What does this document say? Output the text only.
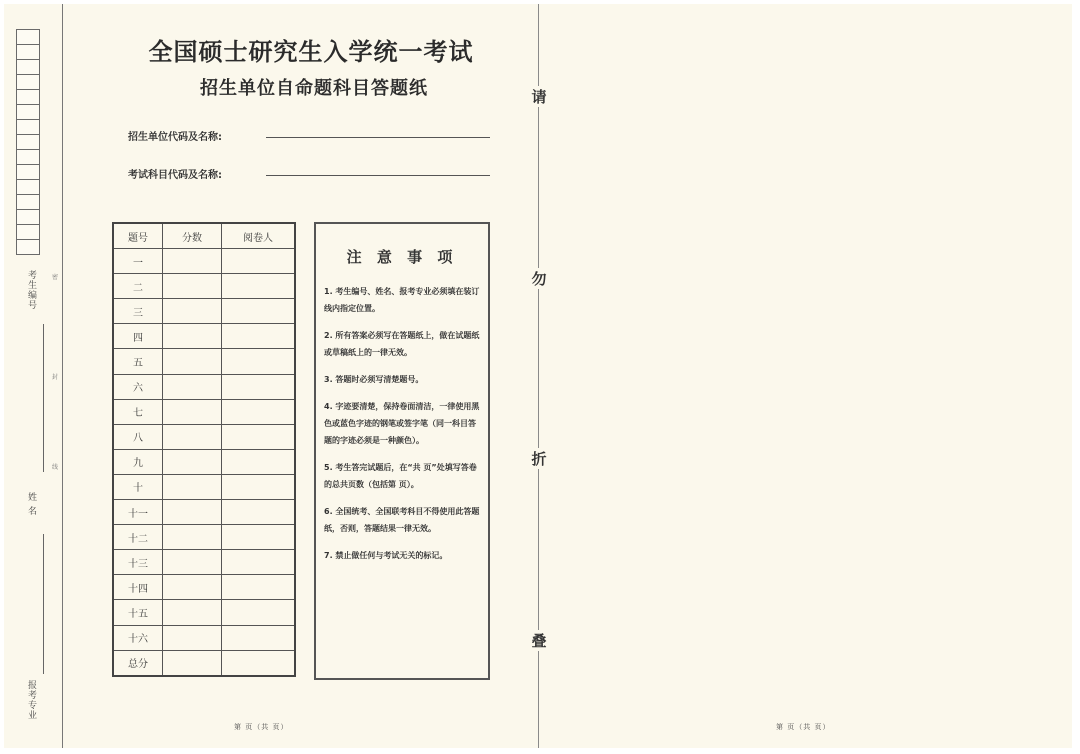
考生编号
姓 名
报考专业
密
封
线
全国硕士研究生入学统一考试
招生单位自命题科目答题纸
招生单位代码及名称:
考试科目代码及名称:
题号	分数	阅卷人
一		
二		
三		
四		
五		
六		
七		
八		
九		
十		
十一		
十二		
十三		
十四		
十五		
十六		
总分		
注 意 事 项
1. 考生编号、姓名、报考专业必须填在装订线内指定位置。
2. 所有答案必须写在答题纸上，做在试题纸或草稿纸上的一律无效。
3. 答题时必须写清楚题号。
4. 字迹要清楚，保持卷面清洁，一律使用黑色或蓝色字迹的钢笔或签字笔（同一科目答题的字迹必须是一种颜色）。
5. 考生答完试题后，在“共 页”处填写答卷的总共页数（包括第 页）。
6. 全国统考、全国联考科目不得使用此答题纸，否则，答题结果一律无效。
7. 禁止做任何与考试无关的标记。
请
勿
折
叠
第 页（共 页）	第 页（共 页）
